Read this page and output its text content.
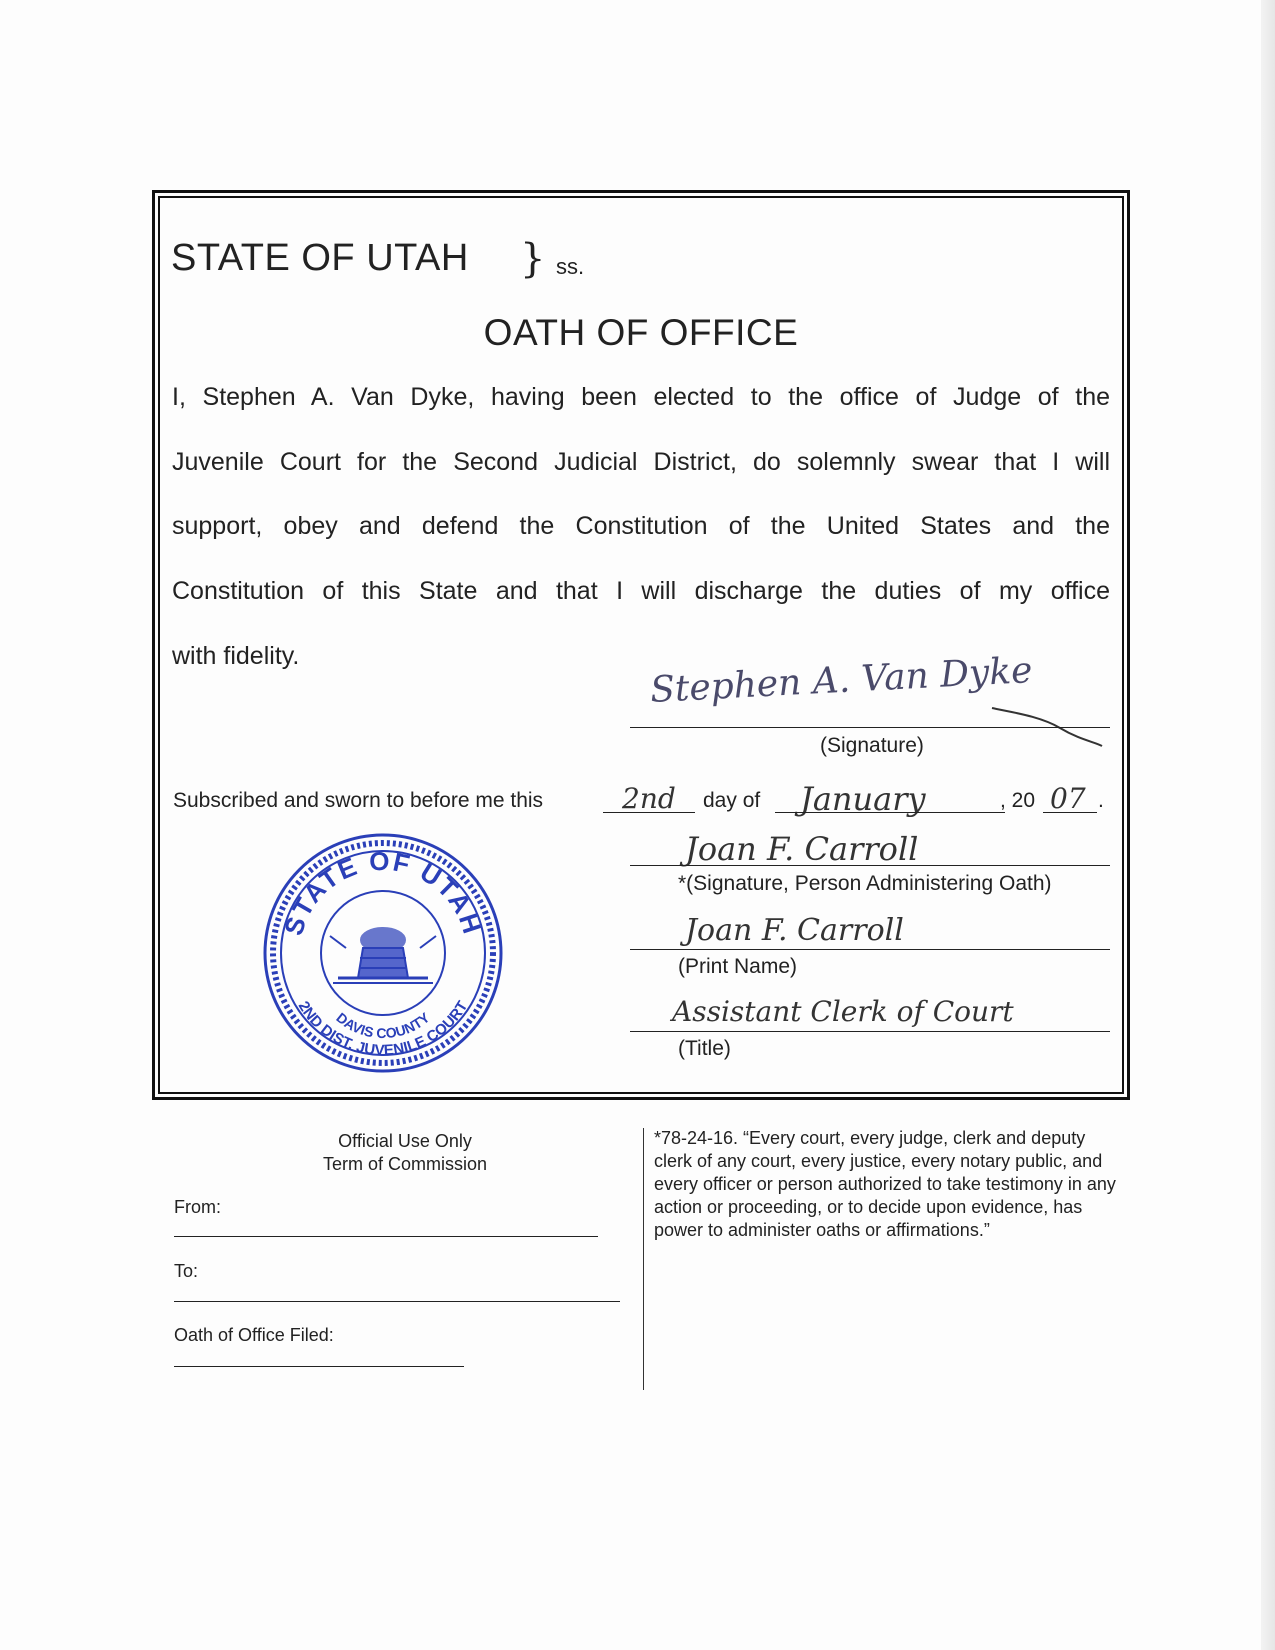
STATE OF UTAH } ss.
OATH OF OFFICE
I, Stephen A. Van Dyke, having been elected to the office of Judge of the
Juvenile Court for the Second Judicial District, do solemnly swear that I will
support, obey and defend the Constitution of the United States and the
Constitution of this State and that I will discharge the duties of my office
with fidelity.	Stephen A. Van Dyke
(Signature)
Subscribed and sworn to before me this	2nd day of January	, 20 07 .
Joan F. Carroll
*(Signature, Person Administering Oath)
Joan F. Carroll
(Print Name)
Assistant Clerk of Court
(Title)
STATE OF UTAH
2ND DIST. JUVENILE COURT
DAVIS COUNTY
Official Use Only
Term of Commission
From:
To:
Oath of Office Filed:
*78-24-16. “Every court, every judge, clerk and deputy clerk of any court, every justice, every notary public, and every officer or person authorized to take testimony in any action or proceeding, or to decide upon evidence, has power to administer oaths or affirmations.”
